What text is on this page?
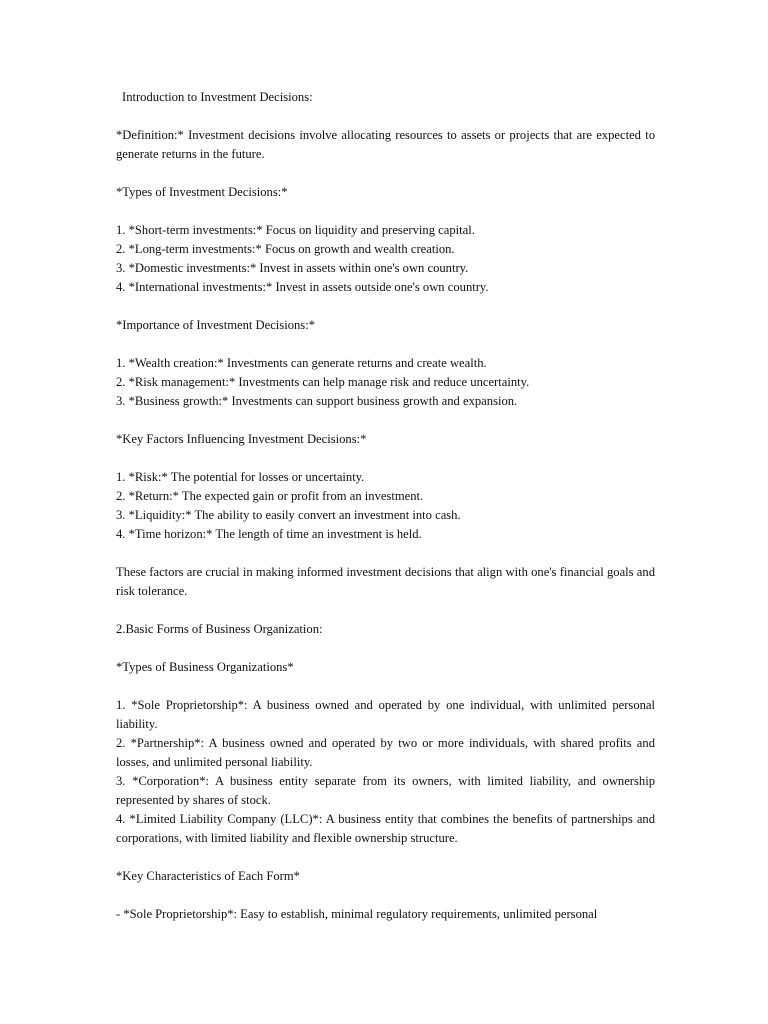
Introduction to Investment Decisions:

*Definition:* Investment decisions involve allocating resources to assets or projects that are expected to generate returns in the future.

*Types of Investment Decisions:*

1. *Short-term investments:* Focus on liquidity and preserving capital.

2. *Long-term investments:* Focus on growth and wealth creation.

3. *Domestic investments:* Invest in assets within one's own country.

4. *International investments:* Invest in assets outside one's own country.

*Importance of Investment Decisions:*

1. *Wealth creation:* Investments can generate returns and create wealth.

2. *Risk management:* Investments can help manage risk and reduce uncertainty.

3. *Business growth:* Investments can support business growth and expansion.

*Key Factors Influencing Investment Decisions:*

1. *Risk:* The potential for losses or uncertainty.

2. *Return:* The expected gain or profit from an investment.

3. *Liquidity:* The ability to easily convert an investment into cash.

4. *Time horizon:* The length of time an investment is held.

These factors are crucial in making informed investment decisions that align with one's financial goals and risk tolerance.

2.Basic Forms of Business Organization:

*Types of Business Organizations*

1. *Sole Proprietorship*: A business owned and operated by one individual, with unlimited personal liability.

2. *Partnership*: A business owned and operated by two or more individuals, with shared profits and losses, and unlimited personal liability.

3. *Corporation*: A business entity separate from its owners, with limited liability, and ownership represented by shares of stock.

4. *Limited Liability Company (LLC)*: A business entity that combines the benefits of partnerships and corporations, with limited liability and flexible ownership structure.

*Key Characteristics of Each Form*

- *Sole Proprietorship*: Easy to establish, minimal regulatory requirements, unlimited personal
